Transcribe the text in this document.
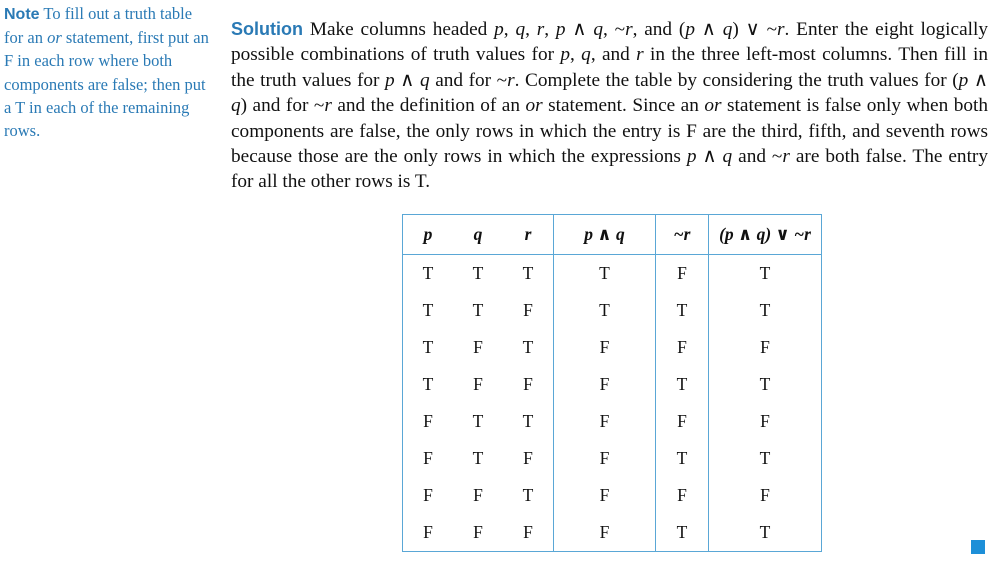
Note To fill out a truth table for an or statement, first put an F in each row where both components are false; then put a T in each of the remaining rows.
Solution Make columns headed p, q, r, p ∧ q, ~r, and (p ∧ q) ∨ ~r. Enter the eight logically possible combinations of truth values for p, q, and r in the three left-most columns. Then fill in the truth values for p ∧ q and for ~r. Complete the table by considering the truth values for (p ∧ q) and for ~r and the definition of an or statement. Since an or statement is false only when both components are false, the only rows in which the entry is F are the third, fifth, and seventh rows because those are the only rows in which the expressions p ∧ q and ~r are both false. The entry for all the other rows is T.
p	q	r	p ∧ q	~r	(p ∧ q) ∨ ~r
T	T	T	T	F	T
T	T	F	T	T	T
T	F	T	F	F	F
T	F	F	F	T	T
F	T	T	F	F	F
F	T	F	F	T	T
F	F	T	F	F	F
F	F	F	F	T	T
